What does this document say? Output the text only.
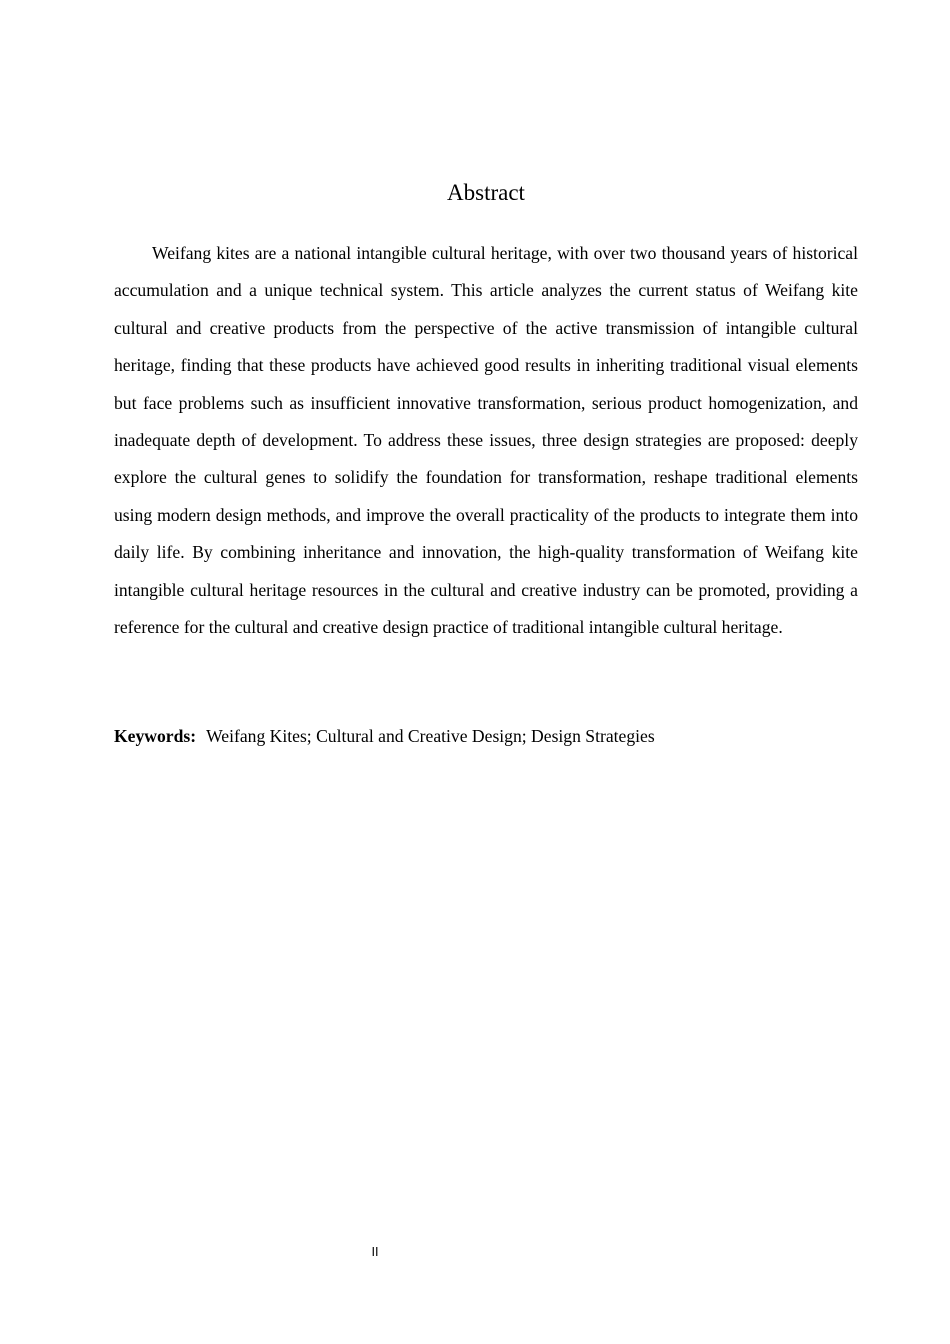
Abstract

Weifang kites are a national intangible cultural heritage, with over two thousand years of historical accumulation and a unique technical system. This article analyzes the current status of Weifang kite cultural and creative products from the perspective of the active transmission of intangible cultural heritage, finding that these products have achieved good results in inheriting traditional visual elements but face problems such as insufficient innovative transformation, serious product homogenization, and inadequate depth of development. To address these issues, three design strategies are proposed: deeply explore the cultural genes to solidify the foundation for transformation, reshape traditional elements using modern design methods, and improve the overall practicality of the products to integrate them into daily life. By combining inheritance and innovation, the high-quality transformation of Weifang kite intangible cultural heritage resources in the cultural and creative industry can be promoted, providing a reference for the cultural and creative design practice of traditional intangible cultural heritage.

Keywords: Weifang Kites; Cultural and Creative Design; Design Strategies
II
